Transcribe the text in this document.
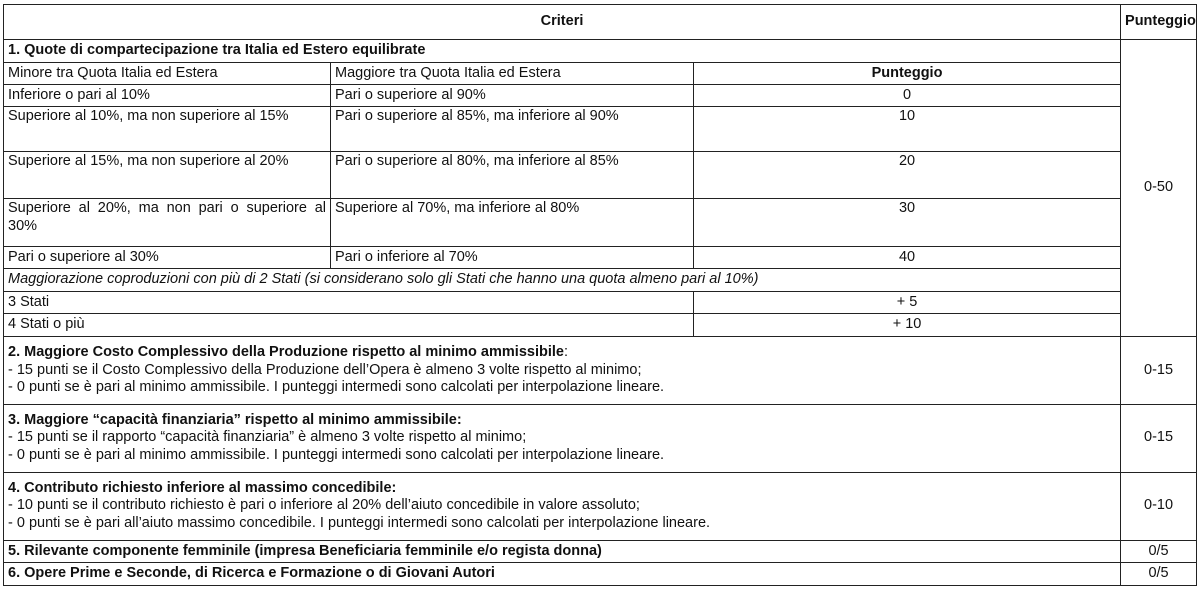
Criteri			Punteggio
1. Quote di compartecipazione tra Italia ed Estero equilibrate			0-50
Minore tra Quota Italia ed Estera	Maggiore tra Quota Italia ed Estera	Punteggio	
Inferiore o pari al 10%	Pari o superiore al 90%	0	
Superiore al 10%, ma non superiore al 15%	Pari o superiore al 85%, ma inferiore al 90%	10	
Superiore al 15%, ma non superiore al 20%	Pari o superiore al 80%, ma inferiore al 85%	20	
Superiore al 20%, ma non pari o superiore al 30%	Superiore al 70%, ma inferiore al 80%	30	
Pari o superiore al 30%	Pari o inferiore al 70%	40	
Maggiorazione coproduzioni con più di 2 Stati (si considerano solo gli Stati che hanno una quota almeno pari al 10%)			
3 Stati		+ 5	
4 Stati o più		+ 10	

2. Maggiore Costo Complessivo della Produzione rispetto al minimo ammissibile:
- 15 punti se il Costo Complessivo della Produzione dell’Opera è almeno 3 volte rispetto al minimo;
- 0 punti se è pari al minimo ammissibile. I punteggi intermedi sono calcolati per interpolazione lineare.			0-15

3. Maggiore “capacità finanziaria” rispetto al minimo ammissibile:
- 15 punti se il rapporto “capacità finanziaria” è almeno 3 volte rispetto al minimo;
- 0 punti se è pari al minimo ammissibile. I punteggi intermedi sono calcolati per interpolazione lineare.			0-15

4. Contributo richiesto inferiore al massimo concedibile:
- 10 punti se il contributo richiesto è pari o inferiore al 20% dell’aiuto concedibile in valore assoluto;
- 0 punti se è pari all’aiuto massimo concedibile. I punteggi intermedi sono calcolati per interpolazione lineare.			0-10
5. Rilevante componente femminile (impresa Beneficiaria femminile e/o regista donna)			0/5
6. Opere Prime e Seconde, di Ricerca e Formazione o di Giovani Autori			0/5
